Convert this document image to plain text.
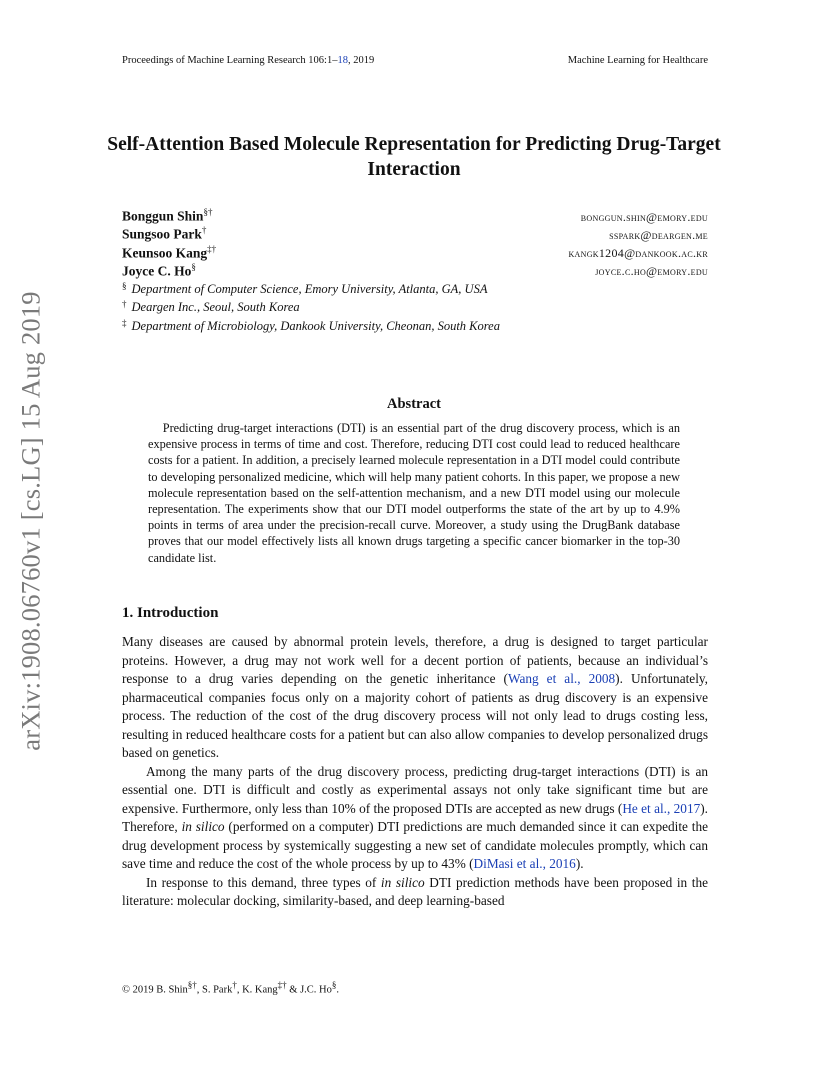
Proceedings of Machine Learning Research 106:1–18, 2019	Machine Learning for Healthcare
arXiv:1908.06760v1 [cs.LG] 15 Aug 2019
Self-Attention Based Molecule Representation for Predicting Drug-Target Interaction
Bonggun Shin§†	bonggun.shin@emory.edu
Sungsoo Park†	sspark@deargen.me
Keunsoo Kang‡†	kangk1204@dankook.ac.kr
Joyce C. Ho§	joyce.c.ho@emory.edu
§ Department of Computer Science, Emory University, Atlanta, GA, USA
† Deargen Inc., Seoul, South Korea
‡ Department of Microbiology, Dankook University, Cheonan, South Korea
Abstract

Predicting drug-target interactions (DTI) is an essential part of the drug discovery process, which is an expensive process in terms of time and cost. Therefore, reducing DTI cost could lead to reduced healthcare costs for a patient. In addition, a precisely learned molecule representation in a DTI model could contribute to developing personalized medicine, which will help many patient cohorts. In this paper, we propose a new molecule representation based on the self-attention mechanism, and a new DTI model using our molecule representation. The experiments show that our DTI model outperforms the state of the art by up to 4.9% points in terms of area under the precision-recall curve. Moreover, a study using the DrugBank database proves that our model effectively lists all known drugs targeting a specific cancer biomarker in the top-30 candidate list.

1. Introduction

Many diseases are caused by abnormal protein levels, therefore, a drug is designed to target particular proteins. However, a drug may not work well for a decent portion of patients, because an individual’s response to a drug varies depending on the genetic inheritance (Wang et al., 2008). Unfortunately, pharmaceutical companies focus only on a majority cohort of patients as drug discovery is an expensive process. The reduction of the cost of the drug discovery process will not only lead to drugs costing less, resulting in reduced healthcare costs for a patient but can also allow companies to develop personalized drugs based on genetics.

Among the many parts of the drug discovery process, predicting drug-target interactions (DTI) is an essential one. DTI is difficult and costly as experimental assays not only take significant time but are expensive. Furthermore, only less than 10% of the proposed DTIs are accepted as new drugs (He et al., 2017). Therefore, in silico (performed on a computer) DTI predictions are much demanded since it can expedite the drug development process by systemically suggesting a new set of candidate molecules promptly, which can save time and reduce the cost of the whole process by up to 43% (DiMasi et al., 2016).

In response to this demand, three types of in silico DTI prediction methods have been proposed in the literature: molecular docking, similarity-based, and deep learning-based

© 2019 B. Shin§†, S. Park†, K. Kang‡† & J.C. Ho§.
